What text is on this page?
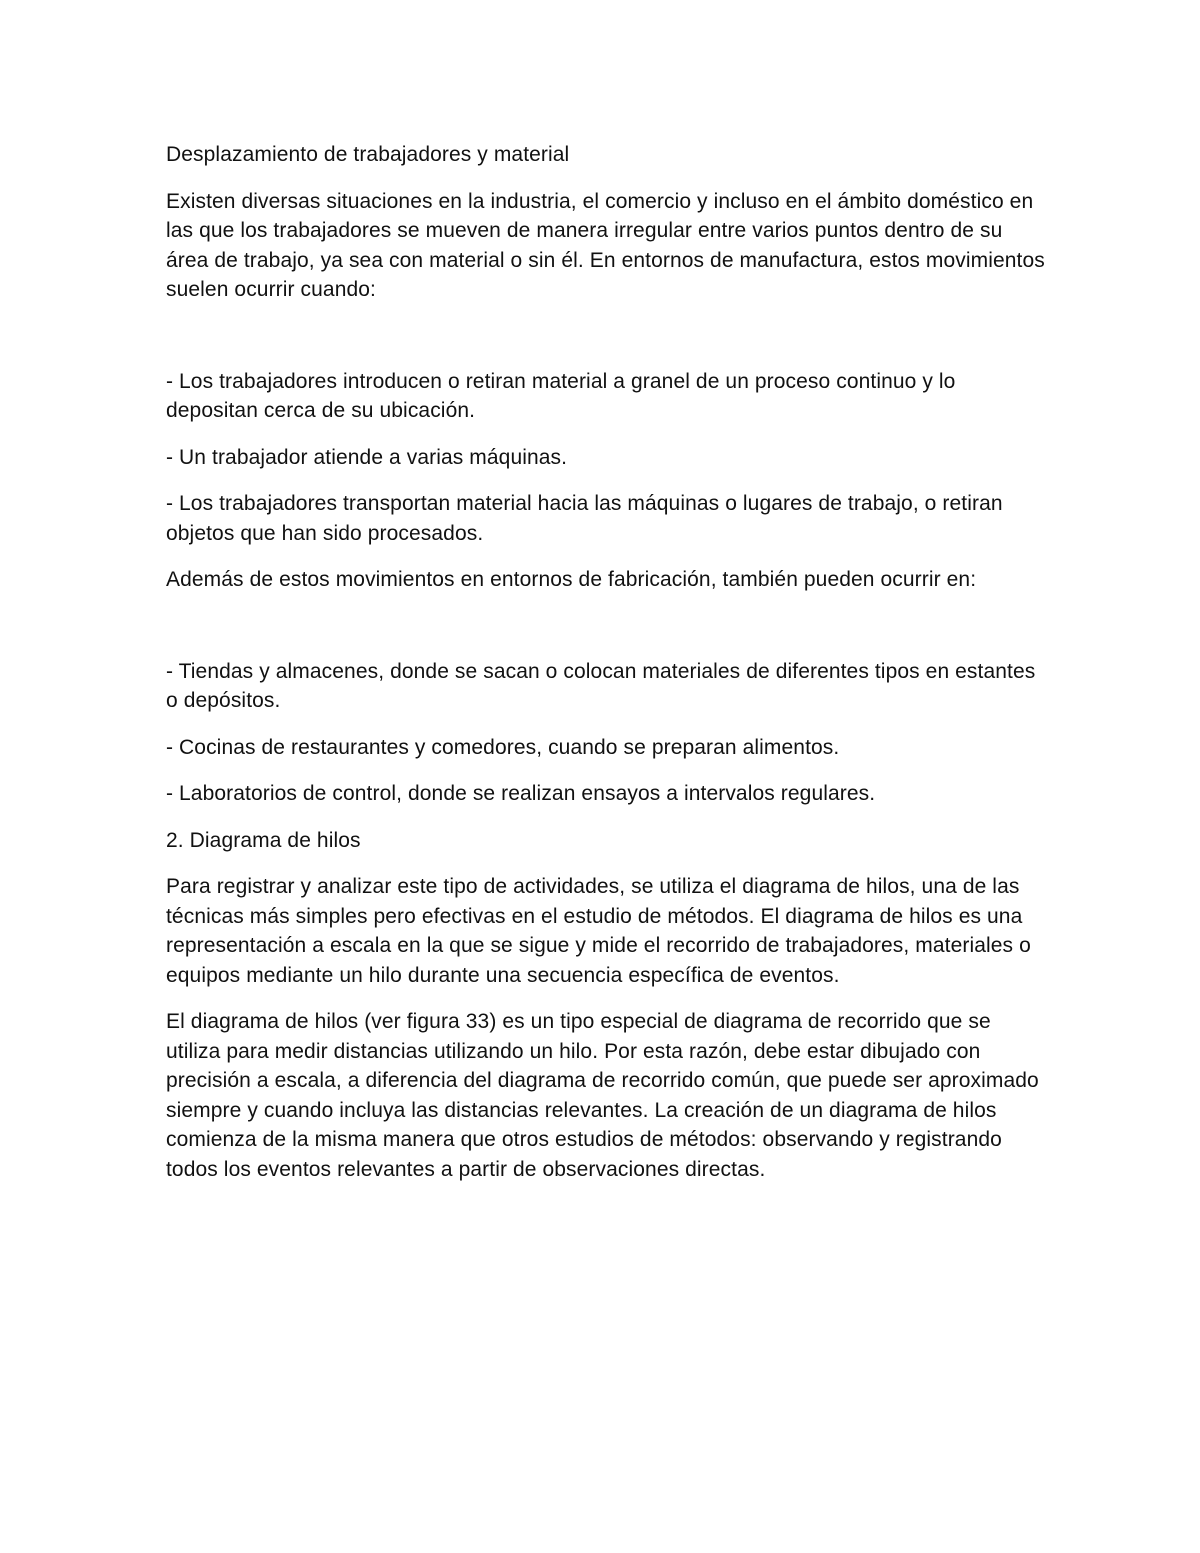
Desplazamiento de trabajadores y material

Existen diversas situaciones en la industria, el comercio y incluso en el ámbito doméstico en las que los trabajadores se mueven de manera irregular entre varios puntos dentro de su área de trabajo, ya sea con material o sin él. En entornos de manufactura, estos movimientos suelen ocurrir cuando:

- Los trabajadores introducen o retiran material a granel de un proceso continuo y lo depositan cerca de su ubicación.

- Un trabajador atiende a varias máquinas.

- Los trabajadores transportan material hacia las máquinas o lugares de trabajo, o retiran objetos que han sido procesados.

Además de estos movimientos en entornos de fabricación, también pueden ocurrir en:

- Tiendas y almacenes, donde se sacan o colocan materiales de diferentes tipos en estantes o depósitos.

- Cocinas de restaurantes y comedores, cuando se preparan alimentos.

- Laboratorios de control, donde se realizan ensayos a intervalos regulares.

2. Diagrama de hilos

Para registrar y analizar este tipo de actividades, se utiliza el diagrama de hilos, una de las técnicas más simples pero efectivas en el estudio de métodos. El diagrama de hilos es una representación a escala en la que se sigue y mide el recorrido de trabajadores, materiales o equipos mediante un hilo durante una secuencia específica de eventos.

El diagrama de hilos (ver figura 33) es un tipo especial de diagrama de recorrido que se utiliza para medir distancias utilizando un hilo. Por esta razón, debe estar dibujado con precisión a escala, a diferencia del diagrama de recorrido común, que puede ser aproximado siempre y cuando incluya las distancias relevantes. La creación de un diagrama de hilos comienza de la misma manera que otros estudios de métodos: observando y registrando todos los eventos relevantes a partir de observaciones directas.
